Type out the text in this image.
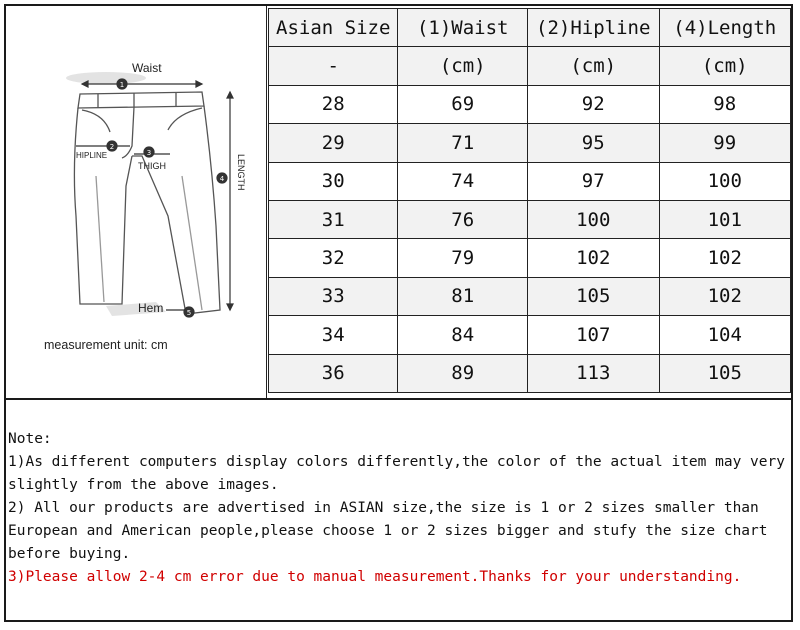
1
2
3
4
5
Waist
HIPLINE
THIGH	LENGTH
Hem
measurement unit: cm
Asian Size	(1)Waist	(2)Hipline	(4)Length
-	(cm)	(cm)	(cm)
28	69	92	98
29	71	95	99
30	74	97	100
31	76	100	101
32	79	102	102
33	81	105	102
34	84	107	104
36	89	113	105

Note:

1)As different computers display colors differently,the color of the actual item may very slightly from the above images.

2) All our products are advertised in ASIAN size,the size is 1 or 2 sizes smaller than European and American people,please choose 1 or 2 sizes bigger and stufy the size chart before buying.

3)Please allow 2-4 cm error due to manual measurement.Thanks for your understanding.
